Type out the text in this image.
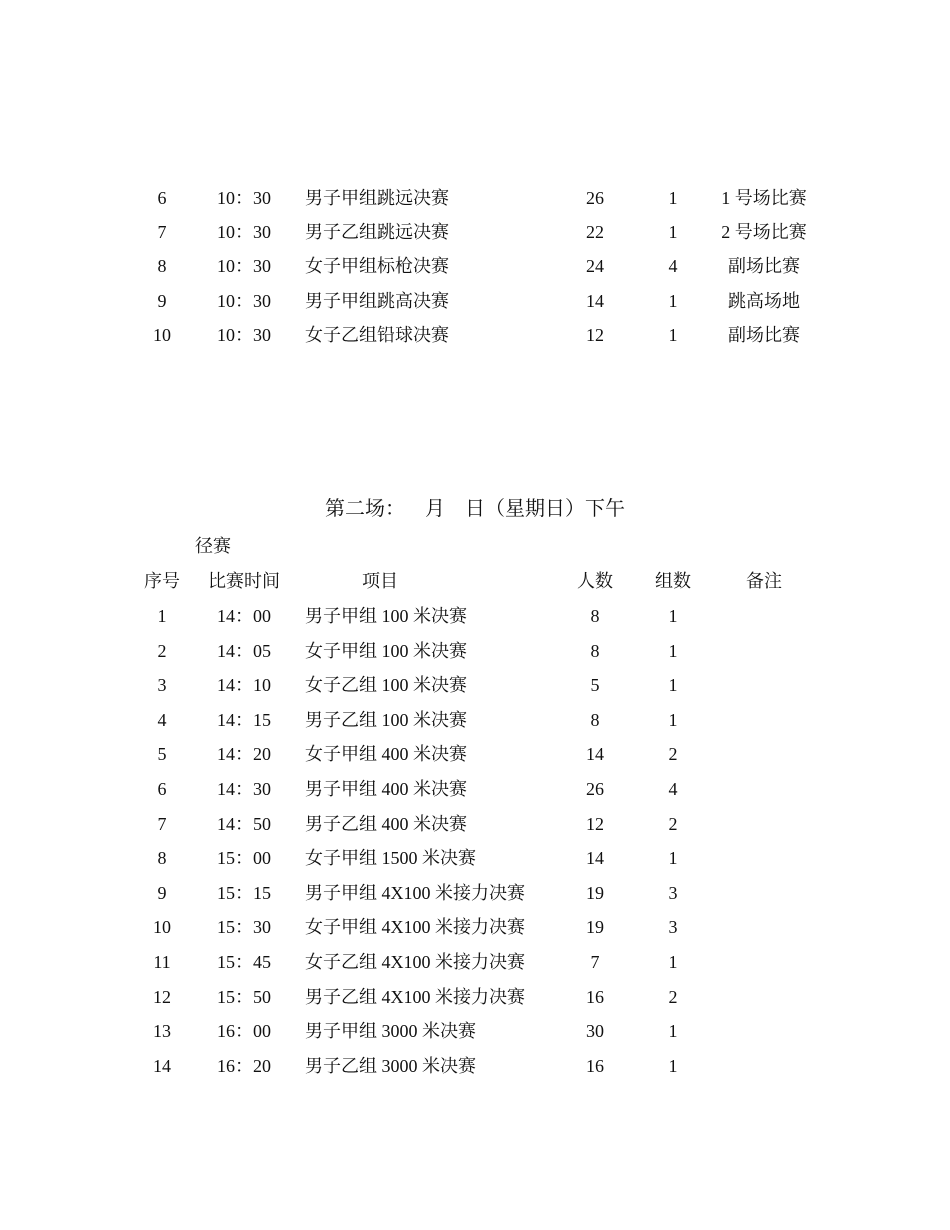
6	10：30	男子甲组跳远决赛	26	1	1 号场比赛
7	10：30	男子乙组跳远决赛	22	1	2 号场比赛
8	10：30	女子甲组标枪决赛	24	4	副场比赛
9	10：30	男子甲组跳高决赛	14	1	跳高场地
10	10：30	女子乙组铅球决赛	12	1	副场比赛
第二场：    月    日（星期日）下午
径赛
序号	比赛时间	项目	人数	组数	备注
1	14：00	男子甲组 100 米决赛	8	1
2	14：05	女子甲组 100 米决赛	8	1
3	14：10	女子乙组 100 米决赛	5	1
4	14：15	男子乙组 100 米决赛	8	1
5	14：20	女子甲组 400 米决赛	14	2
6	14：30	男子甲组 400 米决赛	26	4
7	14：50	男子乙组 400 米决赛	12	2
8	15：00	女子甲组 1500 米决赛	14	1
9	15：15	男子甲组 4X100 米接力决赛	19	3
10	15：30	女子甲组 4X100 米接力决赛	19	3
11	15：45	女子乙组 4X100 米接力决赛	7	1
12	15：50	男子乙组 4X100 米接力决赛	16	2
13	16：00	男子甲组 3000 米决赛	30	1
14	16：20	男子乙组 3000 米决赛	16	1
